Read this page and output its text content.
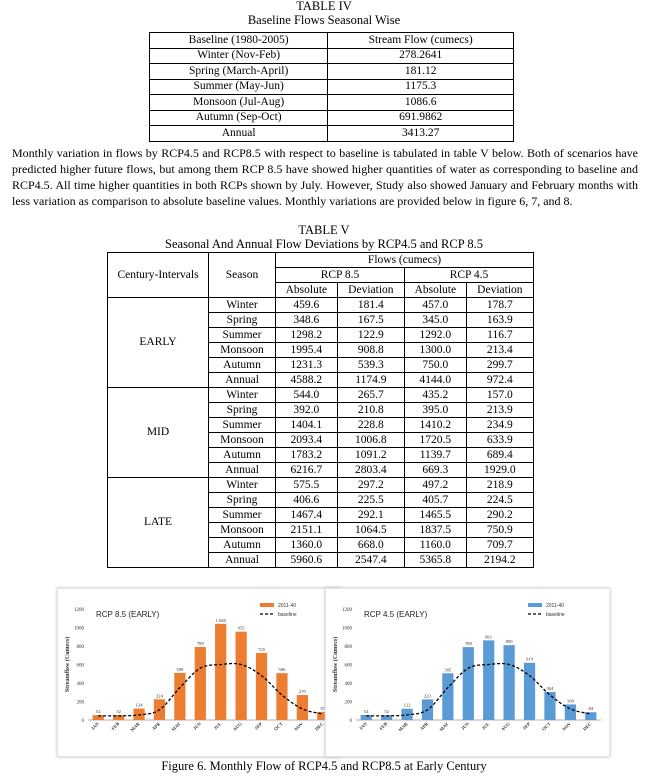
TABLE IV
Baseline Flows Seasonal Wise
Baseline (1980-2005)	Stream Flow (cumecs)
Winter (Nov-Feb)	278.2641
Spring (March-April)	181.12
Summer (May-Jun)	1175.3
Monsoon (Jul-Aug)	1086.6
Autumn (Sep-Oct)	691.9862
Annual	3413.27
Monthly variation in flows by RCP4.5 and RCP8.5 with respect to baseline is tabulated in table V below. Both of scenarios have predicted higher future flows, but among them RCP 8.5 have showed higher quantities of water as corresponding to baseline and RCP4.5. All time higher quantities in both RCPs shown by July. However, Study also showed January and February months with less variation as comparison to absolute baseline values. Monthly variations are provided below in figure 6, 7, and 8.
TABLE V
Seasonal And Annual Flow Deviations by RCP4.5 and RCP 8.5
Century-Intervals	Season	Flows (cumecs)			
		RCP 8.5		RCP 4.5	
		Absolute	Deviation	Absolute	Deviation
EARLY	Winter	459.6	181.4	457.0	178.7
	Spring	348.6	167.5	345.0	163.9
	Summer	1298.2	122.9	1292.0	116.7
	Monsoon	1995.4	908.8	1300.0	213.4
	Autumn	1231.3	539.3	750.0	299.7
	Annual	4588.2	1174.9	4144.0	972.4
MID	Winter	544.0	265.7	435.2	157.0
	Spring	392.0	210.8	395.0	213.9
	Summer	1404.1	228.8	1410.2	234.9
	Monsoon	2093.4	1006.8	1720.5	633.9
	Autumn	1783.2	1091.2	1139.7	689.4
	Annual	6216.7	2803.4	669.3	1929.0
LATE	Winter	575.5	297.2	497.2	218.9
	Spring	406.6	225.5	405.7	224.5
	Summer	1467.4	292.1	1465.5	290.2
	Monsoon	2151.1	1064.5	1837.5	750.9
	Autumn	1360.0	668.0	1160.0	709.7
	Annual	5960.6	2547.4	5365.8	2194.2
0
200
400
600
800
1000
1200
Streamflow (Cumecs)
RCP 8.5 (EARLY)
52
JAN
52
FEB
124
MAR
224
APR
509
MAY
789
JUN
1,040
JUL
955
AUG
725
SEP
506
OCT
270
NOV
87
DEC
2011-40
baseline
0
200
400
600
800
1000
1200
Streamflow (Cumecs)
RCP 4.5 (EARLY)
54
JAN
52
FEB
122
MAR
223
APR
505
MAY
788
JUN
861
JUL
809
AUG
619
SEP
304
OCT
168
NOV
84
DEC
2011-40
baseline
Figure 6. Monthly Flow of RCP4.5 and RCP8.5 at Early Century
